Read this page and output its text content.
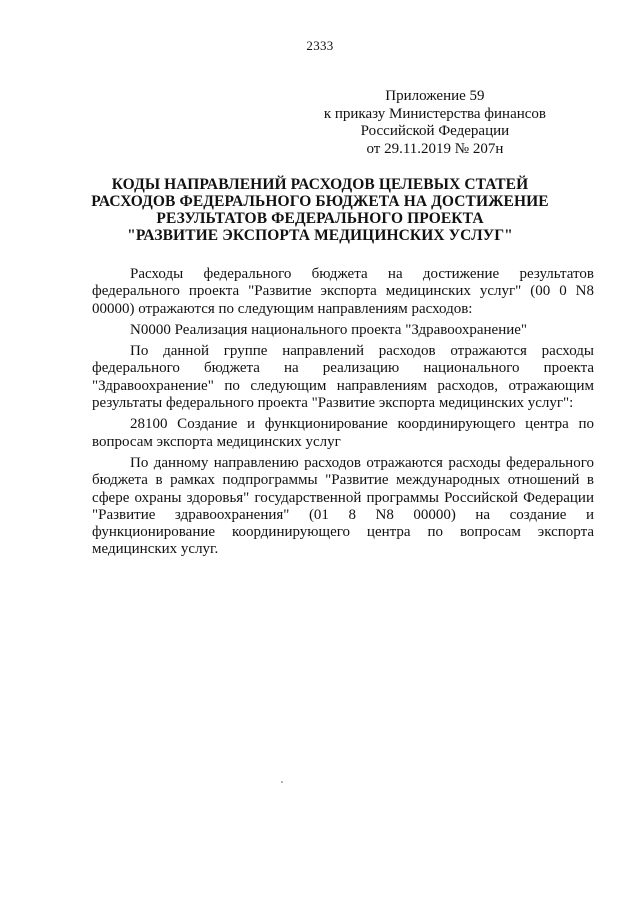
2333
Приложение 59
к приказу Министерства финансов
Российской Федерации
от 29.11.2019 № 207н
КОДЫ НАПРАВЛЕНИЙ РАСХОДОВ ЦЕЛЕВЫХ СТАТЕЙ
РАСХОДОВ ФЕДЕРАЛЬНОГО БЮДЖЕТА НА ДОСТИЖЕНИЕ
РЕЗУЛЬТАТОВ ФЕДЕРАЛЬНОГО ПРОЕКТА
"РАЗВИТИЕ ЭКСПОРТА МЕДИЦИНСКИХ УСЛУГ"

Расходы федерального бюджета на достижение результатов федерального проекта "Развитие экспорта медицинских услуг" (00 0 N8 00000) отражаются по следующим направлениям расходов:

N0000 Реализация национального проекта "Здравоохранение"

По данной группе направлений расходов отражаются расходы федерального бюджета на реализацию национального проекта "Здравоохранение" по следующим направлениям расходов, отражающим результаты федерального проекта "Развитие экспорта медицинских услуг":

28100 Создание и функционирование координирующего центра по вопросам экспорта медицинских услуг

По данному направлению расходов отражаются расходы федерального бюджета в рамках подпрограммы "Развитие международных отношений в сфере охраны здоровья" государственной программы Российской Федерации "Развитие здравоохранения" (01 8 N8 00000) на создание и функционирование координирующего центра по вопросам экспорта медицинских услуг.
